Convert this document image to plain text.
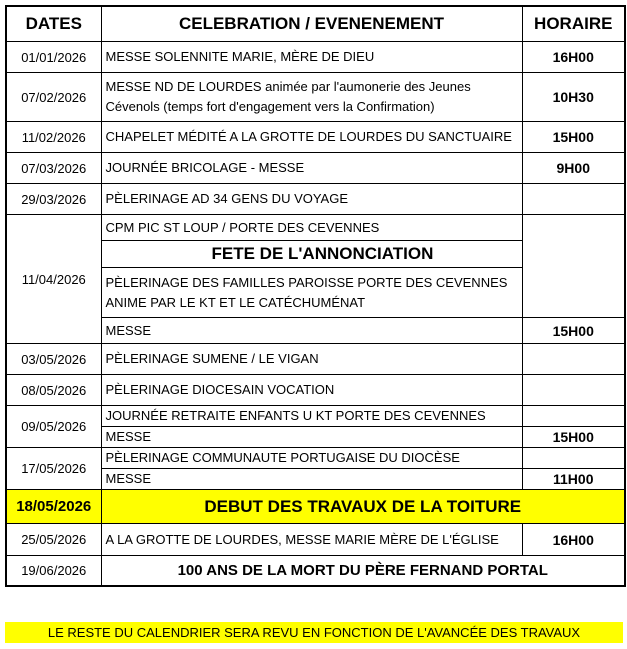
DATES	CELEBRATION / EVENENEMENT	HORAIRE
01/01/2026	MESSE SOLENNITE MARIE, MÈRE DE DIEU	16H00
07/02/2026	MESSE ND DE LOURDES animée par l'aumonerie des Jeunes Cévenols (temps fort d'engagement vers la Confirmation)	10H30
11/02/2026	CHAPELET MÉDITÉ A LA GROTTE DE LOURDES DU SANCTUAIRE	15H00
07/03/2026	JOURNÉE BRICOLAGE - MESSE	9H00
29/03/2026	PÈLERINAGE AD 34 GENS DU VOYAGE	
11/04/2026	CPM PIC ST LOUP / PORTE DES CEVENNES	
	FETE DE L'ANNONCIATION	
	PÈLERINAGE DES FAMILLES PAROISSE PORTE DES CEVENNES ANIME PAR LE KT ET LE CATÉCHUMÉNAT	
	MESSE	15H00
03/05/2026	PÈLERINAGE SUMENE / LE VIGAN	
08/05/2026	PÈLERINAGE DIOCESAIN VOCATION	
09/05/2026	JOURNÉE RETRAITE ENFANTS U KT PORTE DES CEVENNES	
	MESSE	15H00
17/05/2026	PÈLERINAGE COMMUNAUTE PORTUGAISE DU DIOCÈSE	
	MESSE	11H00
18/05/2026	DEBUT DES TRAVAUX DE LA TOITURE	
25/05/2026	A LA GROTTE DE LOURDES, MESSE MARIE MÈRE DE L'ÉGLISE	16H00
19/06/2026	100 ANS DE LA MORT DU PÈRE FERNAND PORTAL	
LE RESTE DU CALENDRIER SERA REVU EN FONCTION DE L'AVANCÉE DES TRAVAUX
